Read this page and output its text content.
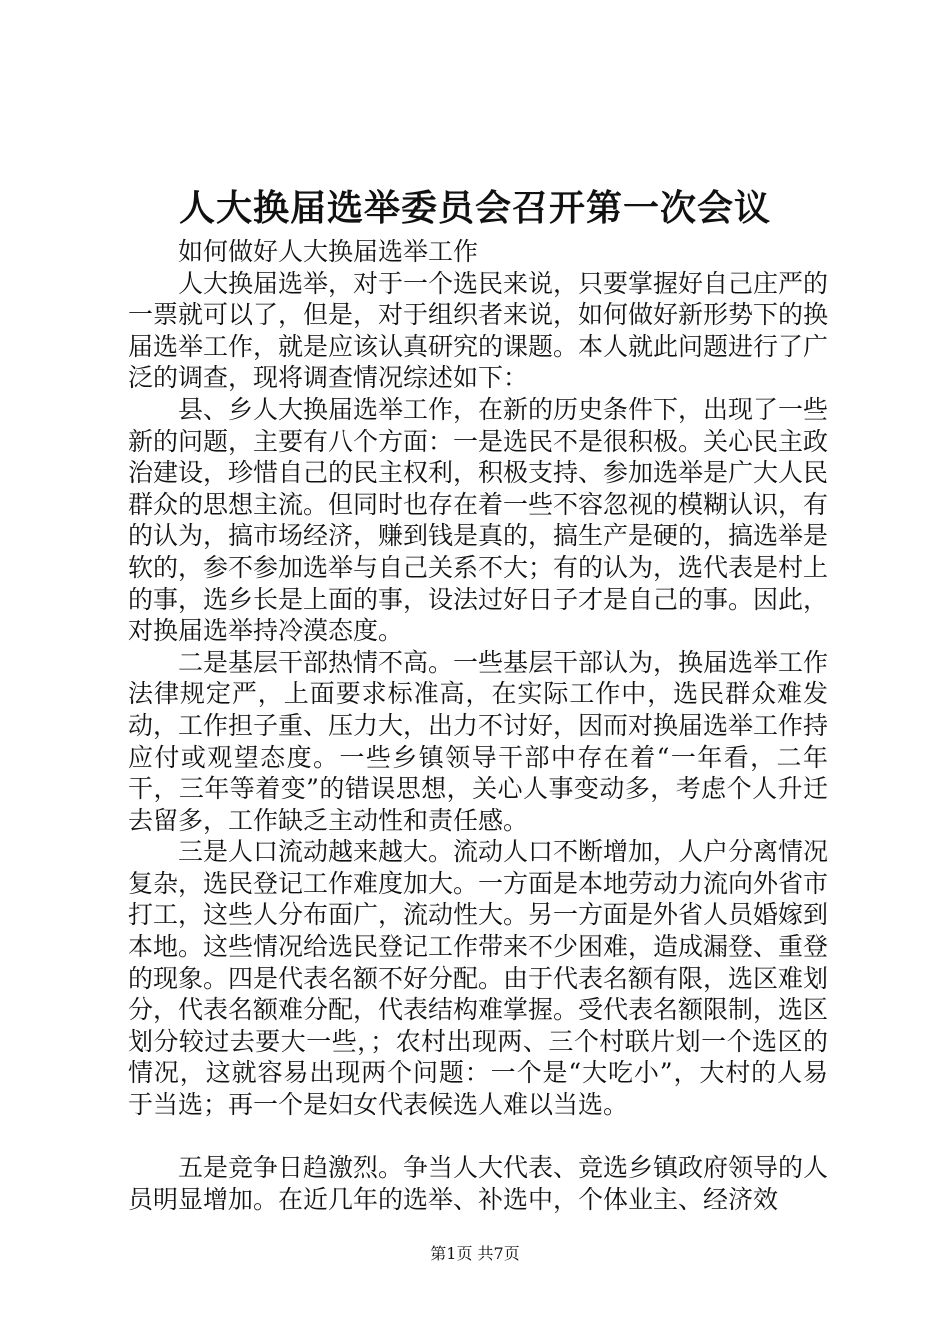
人大换届选举委员会召开第一次会议

如何做好人大换届选举工作

人大换届选举，对于一个选民来说，只要掌握好自己庄严的一票就可以了，但是，对于组织者来说，如何做好新形势下的换届选举工作，就是应该认真研究的课题。本人就此问题进行了广泛的调查，现将调查情况综述如下：

县、乡人大换届选举工作，在新的历史条件下，出现了一些新的问题，主要有八个方面：一是选民不是很积极。关心民主政治建设，珍惜自己的民主权利，积极支持、参加选举是广大人民群众的思想主流。但同时也存在着一些不容忽视的模糊认识，有的认为，搞市场经济，赚到钱是真的，搞生产是硬的，搞选举是软的，参不参加选举与自己关系不大；有的认为，选代表是村上的事，选乡长是上面的事，设法过好日子才是自己的事。因此，对换届选举持冷漠态度。

二是基层干部热情不高。一些基层干部认为，换届选举工作法律规定严，上面要求标准高，在实际工作中，选民群众难发动，工作担子重、压力大，出力不讨好，因而对换届选举工作持应付或观望态度。一些乡镇领导干部中存在着“一年看，二年干，三年等着变”的错误思想，关心人事变动多，考虑个人升迁去留多，工作缺乏主动性和责任感。

三是人口流动越来越大。流动人口不断增加，人户分离情况复杂，选民登记工作难度加大。一方面是本地劳动力流向外省市打工，这些人分布面广，流动性大。另一方面是外省人员婚嫁到本地。这些情况给选民登记工作带来不少困难，造成漏登、重登的现象。四是代表名额不好分配。由于代表名额有限，选区难划分，代表名额难分配，代表结构难掌握。受代表名额限制，选区划分较过去要大一些，；农村出现两、三个村联片划一个选区的情况，这就容易出现两个问题：一个是“大吃小”，大村的人易于当选；再一个是妇女代表候选人难以当选。

五是竞争日趋激烈。争当人大代表、竞选乡镇政府领导的人员明显增加。在近几年的选举、补选中，个体业主、经济效

第1页 共7页
